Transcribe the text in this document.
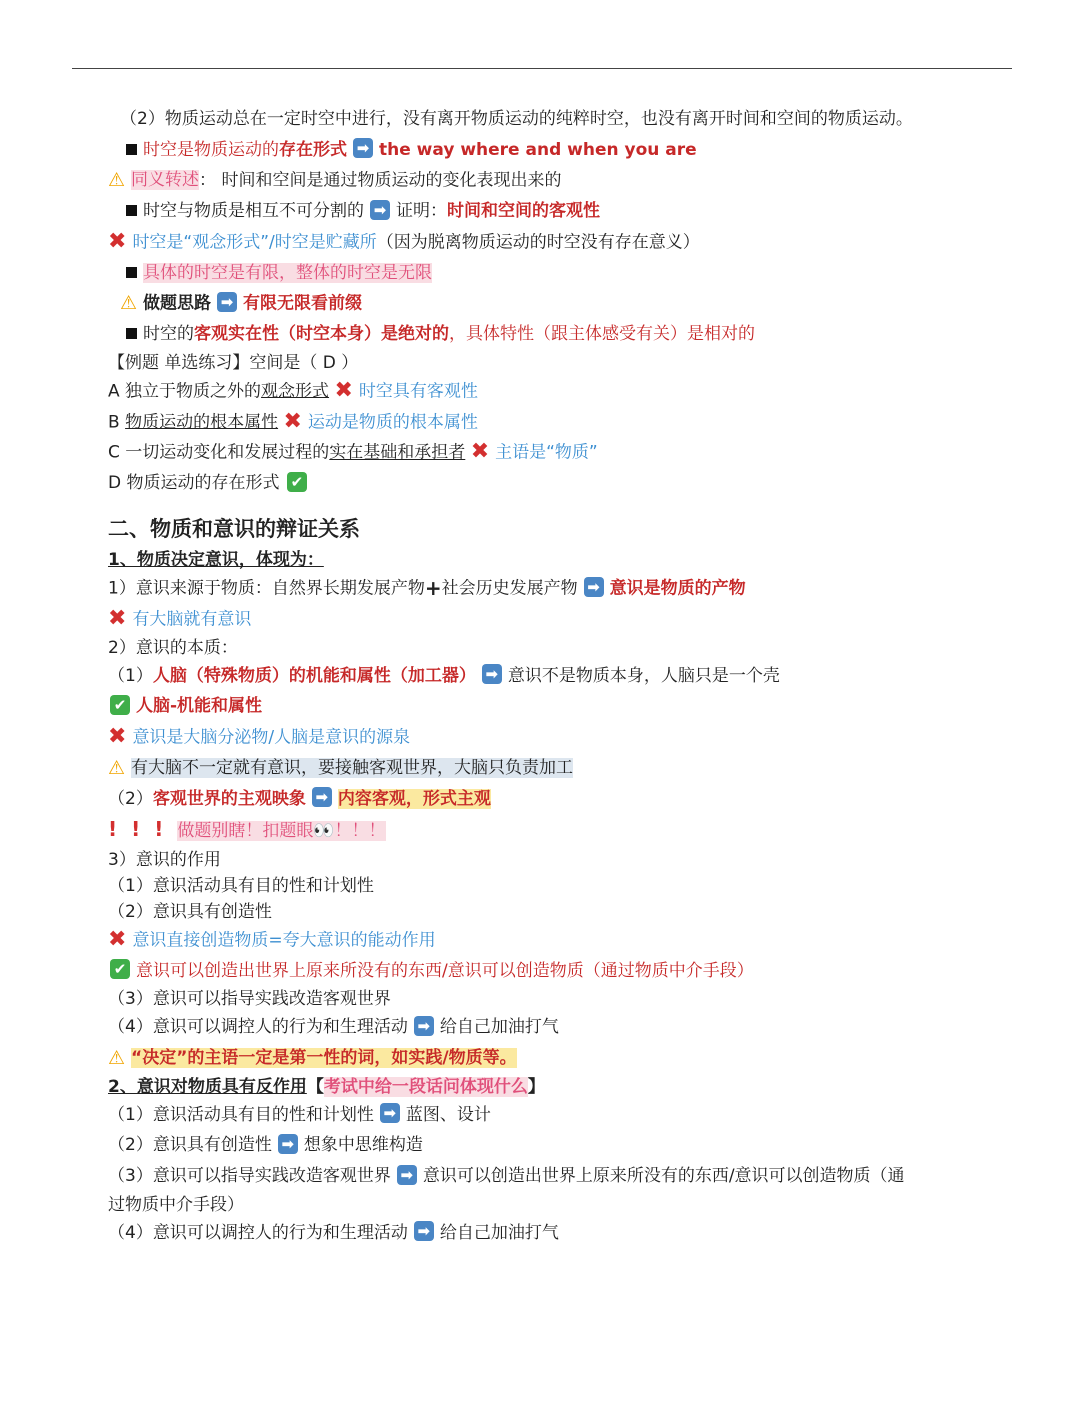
（2）物质运动总在一定时空中进行，没有离开物质运动的纯粹时空，也没有离开时间和空间的物质运动。
时空是物质运动的存在形式 ➡ the way where and when you are
⚠ 同义转述： 时间和空间是通过物质运动的变化表现出来的
时空与物质是相互不可分割的 ➡ 证明：时间和空间的客观性
✖ 时空是“观念形式”/时空是贮藏所（因为脱离物质运动的时空没有存在意义）
具体的时空是有限，整体的时空是无限
⚠ 做题思路 ➡ 有限无限看前缀
时空的客观实在性（时空本身）是绝对的，具体特性（跟主体感受有关）是相对的
【例题 单选练习】空间是（ D ）
A 独立于物质之外的观念形式 ✖ 时空具有客观性
B 物质运动的根本属性 ✖ 运动是物质的根本属性
C 一切运动变化和发展过程的实在基础和承担者 ✖ 主语是“物质”
D 物质运动的存在形式 ✔
二、物质和意识的辩证关系
1、物质决定意识，体现为：
1）意识来源于物质：自然界长期发展产物+社会历史发展产物 ➡ 意识是物质的产物
✖ 有大脑就有意识
2）意识的本质：
（1）人脑（特殊物质）的机能和属性（加工器） ➡ 意识不是物质本身，人脑只是一个壳
✔ 人脑-机能和属性
✖ 意识是大脑分泌物/人脑是意识的源泉
⚠ 有大脑不一定就有意识，要接触客观世界，大脑只负责加工
（2）客观世界的主观映象 ➡ 内容客观，形式主观
! ! ! 做题别瞎！扣题眼👀！！！
3）意识的作用
（1）意识活动具有目的性和计划性
（2）意识具有创造性
✖ 意识直接创造物质=夸大意识的能动作用
✔ 意识可以创造出世界上原来所没有的东西/意识可以创造物质（通过物质中介手段）
（3）意识可以指导实践改造客观世界
（4）意识可以调控人的行为和生理活动 ➡ 给自己加油打气
⚠ “决定”的主语一定是第一性的词，如实践/物质等。
2、意识对物质具有反作用【考试中给一段话问体现什么】
（1）意识活动具有目的性和计划性 ➡ 蓝图、设计
（2）意识具有创造性 ➡ 想象中思维构造
（3）意识可以指导实践改造客观世界 ➡ 意识可以创造出世界上原来所没有的东西/意识可以创造物质（通
过物质中介手段）
（4）意识可以调控人的行为和生理活动 ➡ 给自己加油打气
